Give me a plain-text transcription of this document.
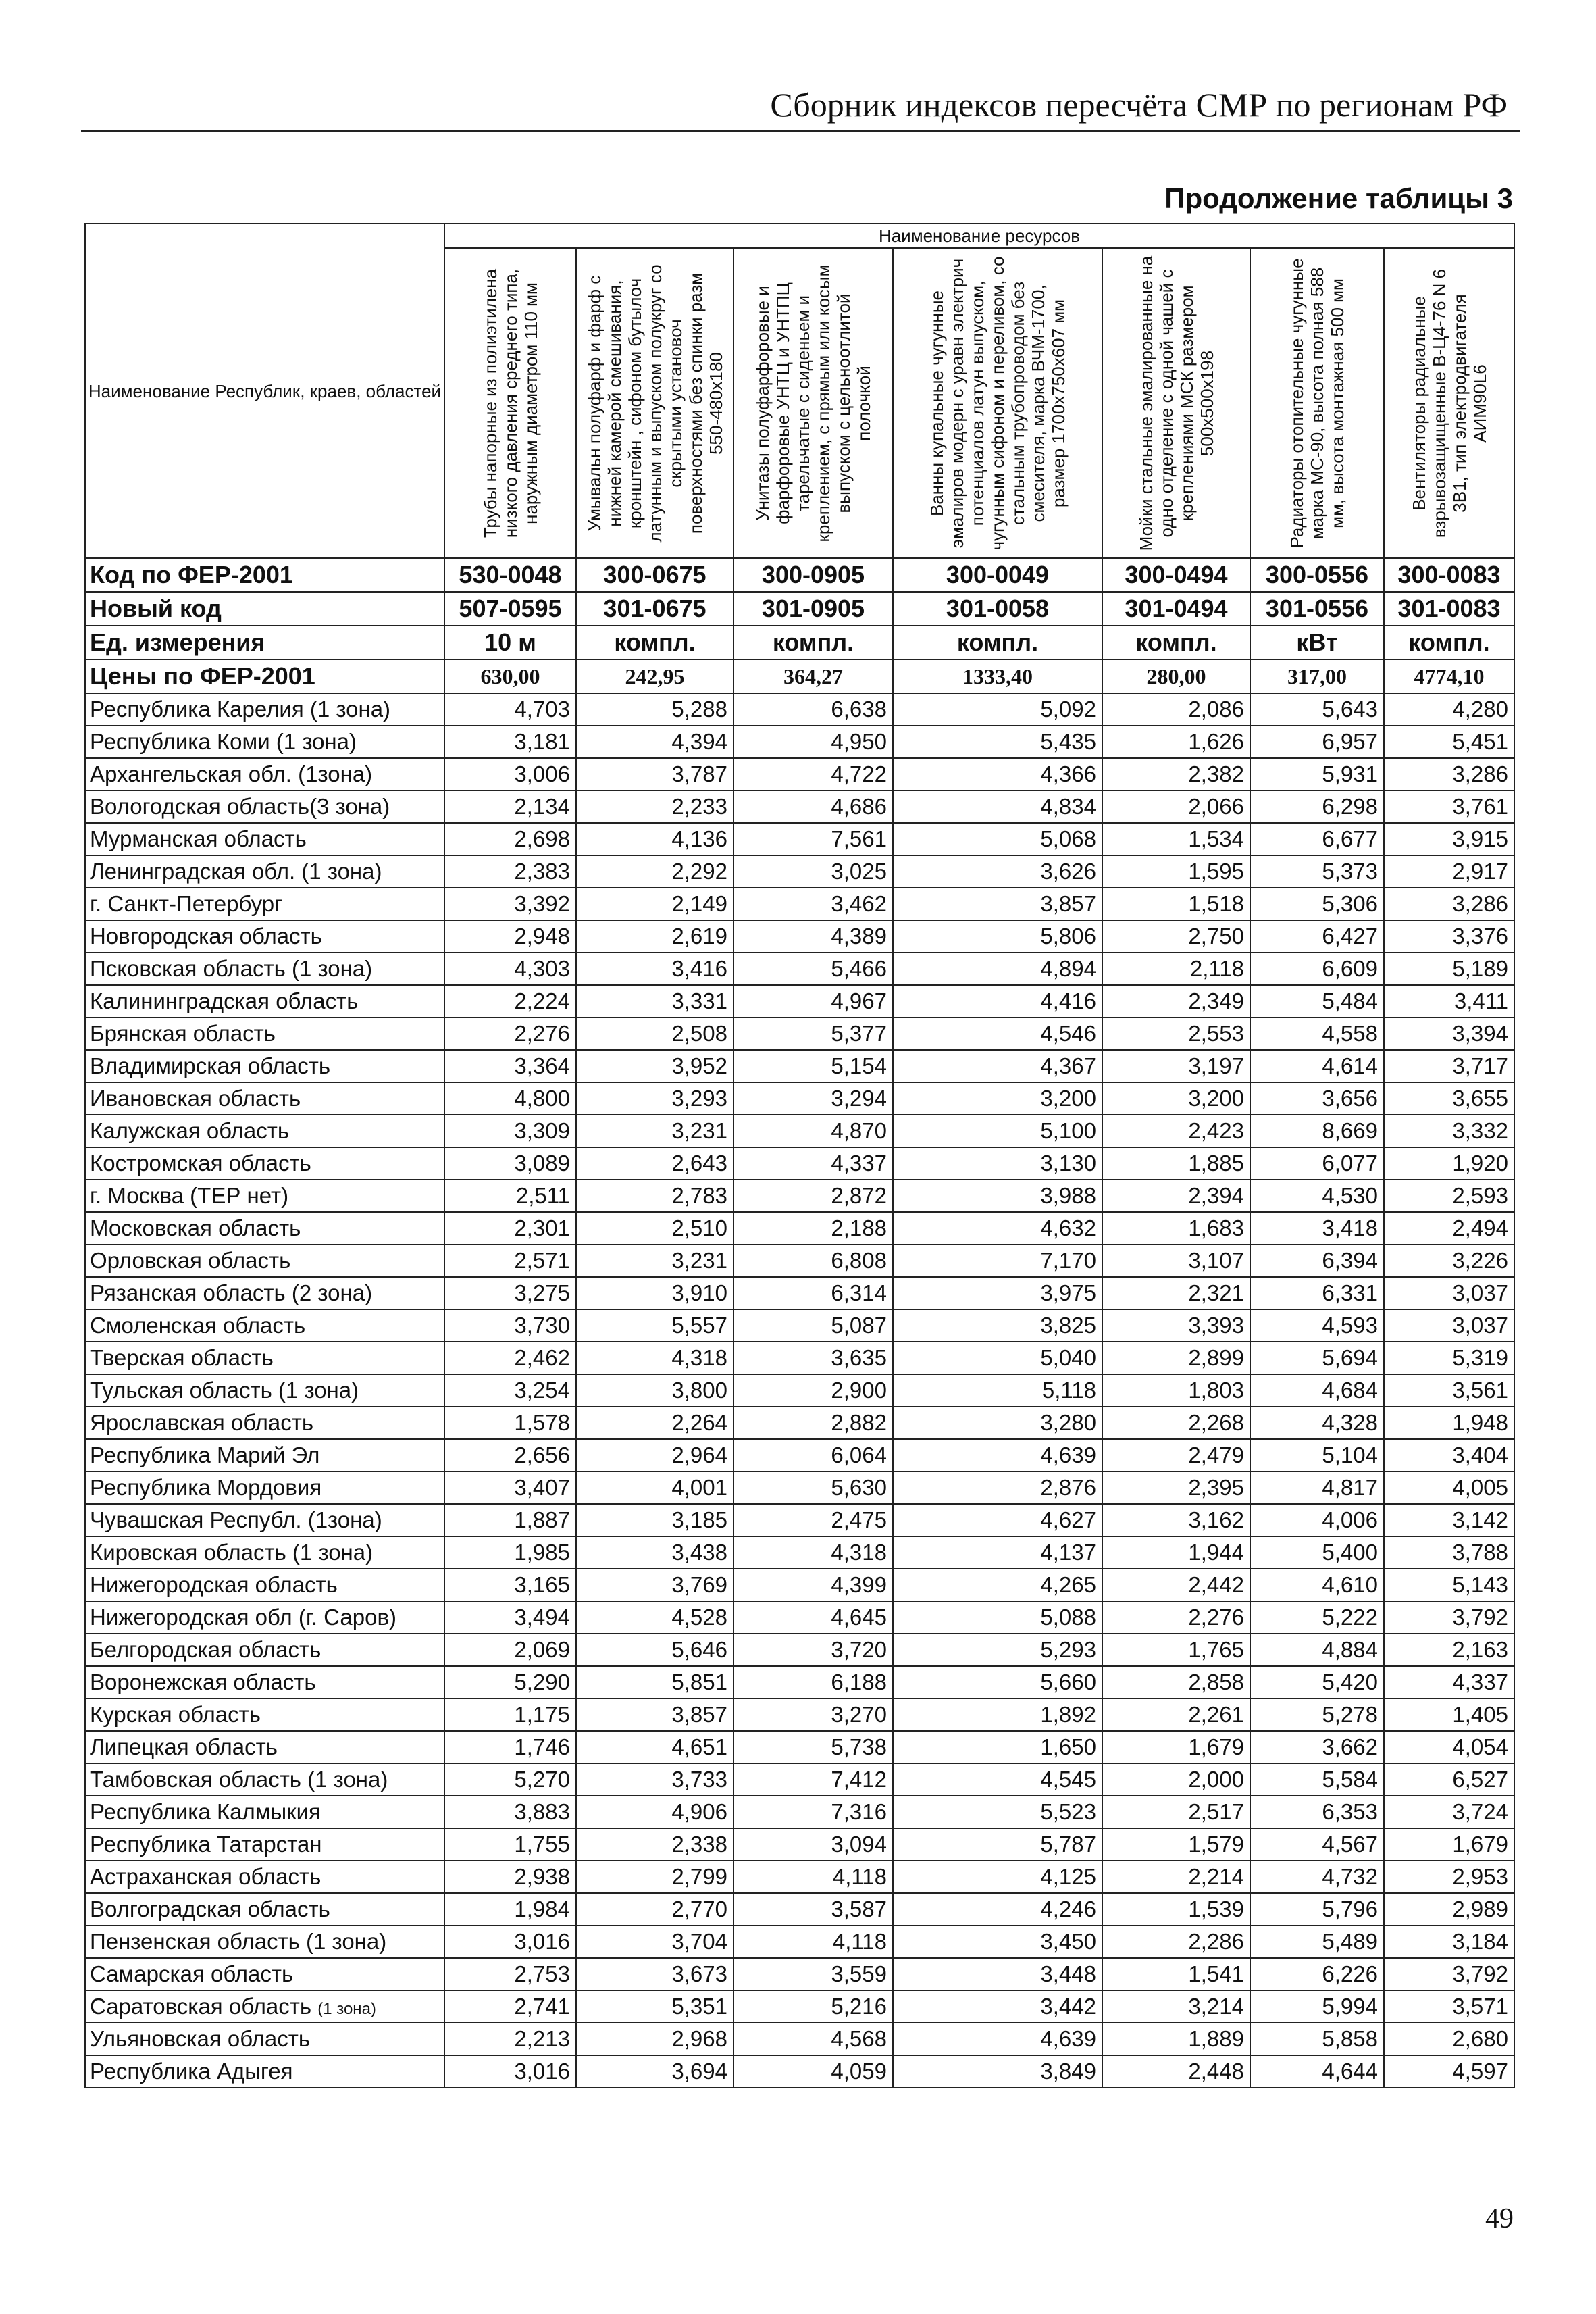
Сборник индексов пересчёта СМР по регионам РФ
Продолжение таблицы 3
Наименование Республик, краев, областей	Наименование ресурсов						

	Трубы напорные из полиэтилена низкого давления среднего типа, наружным диаметром 110 мм	Умывальн полуфарф и фарф с нижней камерой смешивания, кронштейн , сифоном бутылоч латунным и выпуском полукруг со скрытыми установоч поверхностями без спинки разм 550-480х180	Унитазы полуфарфоровые и фарфоровые УНТЦ и УНТПЦ тарельчатые с сиденьем и креплением, с прямым или косым выпуском с цельноотлитой полочкой	Ванны купальные чугунные эмалиров модерн с уравн электрич потенциалов латун выпуском, чугунным сифоном и переливом, со стальным трубопроводом без смесителя, марка ВЧМ-1700, размер 1700х750х607 мм	Мойки стальные эмалированные на одно отделение с одной чашей с креплениями МСК размером 500х500х198	Радиаторы отопительные чугунные марка МС-90, высота полная 588 мм, высота монтажная 500 мм	Вентиляторы радиальные взрывозащищенные В-Ц4-76 N 6 3В1, тип электродвигателя АИМ90L6

Код по ФЕР-2001	530-0048	300-0675	300-0905	300-0049	300-0494	300-0556	300-0083
Новый код	507-0595	301-0675	301-0905	301-0058	301-0494	301-0556	301-0083
Ед. измерения	10 м	компл.	компл.	компл.	компл.	кВт	компл.
Цены по ФЕР-2001	630,00	242,95	364,27	1333,40	280,00	317,00	4774,10
Республика Карелия (1 зона)	4,703	5,288	6,638	5,092	2,086	5,643	4,280
Республика Коми (1 зона)	3,181	4,394	4,950	5,435	1,626	6,957	5,451
Архангельская обл. (1зона)	3,006	3,787	4,722	4,366	2,382	5,931	3,286
Вологодская область(3 зона)	2,134	2,233	4,686	4,834	2,066	6,298	3,761
Мурманская область	2,698	4,136	7,561	5,068	1,534	6,677	3,915
Ленинградская обл. (1 зона)	2,383	2,292	3,025	3,626	1,595	5,373	2,917
г. Санкт-Петербург	3,392	2,149	3,462	3,857	1,518	5,306	3,286
Новгородская область	2,948	2,619	4,389	5,806	2,750	6,427	3,376
Псковская область (1 зона)	4,303	3,416	5,466	4,894	2,118	6,609	5,189
Калининградская область	2,224	3,331	4,967	4,416	2,349	5,484	3,411
Брянская область	2,276	2,508	5,377	4,546	2,553	4,558	3,394
Владимирская область	3,364	3,952	5,154	4,367	3,197	4,614	3,717
Ивановская область	4,800	3,293	3,294	3,200	3,200	3,656	3,655
Калужская область	3,309	3,231	4,870	5,100	2,423	8,669	3,332
Костромская область	3,089	2,643	4,337	3,130	1,885	6,077	1,920
г. Москва (ТЕР нет)	2,511	2,783	2,872	3,988	2,394	4,530	2,593
Московская область	2,301	2,510	2,188	4,632	1,683	3,418	2,494
Орловская область	2,571	3,231	6,808	7,170	3,107	6,394	3,226
Рязанская область (2 зона)	3,275	3,910	6,314	3,975	2,321	6,331	3,037
Смоленская область	3,730	5,557	5,087	3,825	3,393	4,593	3,037
Тверская область	2,462	4,318	3,635	5,040	2,899	5,694	5,319
Тульская область (1 зона)	3,254	3,800	2,900	5,118	1,803	4,684	3,561
Ярославская область	1,578	2,264	2,882	3,280	2,268	4,328	1,948
Республика Марий Эл	2,656	2,964	6,064	4,639	2,479	5,104	3,404
Республика Мордовия	3,407	4,001	5,630	2,876	2,395	4,817	4,005
Чувашская Республ. (1зона)	1,887	3,185	2,475	4,627	3,162	4,006	3,142
Кировская область (1 зона)	1,985	3,438	4,318	4,137	1,944	5,400	3,788
Нижегородская область	3,165	3,769	4,399	4,265	2,442	4,610	5,143
Нижегородская обл (г. Саров)	3,494	4,528	4,645	5,088	2,276	5,222	3,792
Белгородская область	2,069	5,646	3,720	5,293	1,765	4,884	2,163
Воронежская область	5,290	5,851	6,188	5,660	2,858	5,420	4,337
Курская область	1,175	3,857	3,270	1,892	2,261	5,278	1,405
Липецкая область	1,746	4,651	5,738	1,650	1,679	3,662	4,054
Тамбовская область (1 зона)	5,270	3,733	7,412	4,545	2,000	5,584	6,527
Республика Калмыкия	3,883	4,906	7,316	5,523	2,517	6,353	3,724
Республика Татарстан	1,755	2,338	3,094	5,787	1,579	4,567	1,679
Астраханская область	2,938	2,799	4,118	4,125	2,214	4,732	2,953
Волгоградская область	1,984	2,770	3,587	4,246	1,539	5,796	2,989
Пензенская область (1 зона)	3,016	3,704	4,118	3,450	2,286	5,489	3,184
Самарская область	2,753	3,673	3,559	3,448	1,541	6,226	3,792
Саратовская область (1 зона)	2,741	5,351	5,216	3,442	3,214	5,994	3,571
Ульяновская область	2,213	2,968	4,568	4,639	1,889	5,858	2,680
Республика Адыгея	3,016	3,694	4,059	3,849	2,448	4,644	4,597
49
